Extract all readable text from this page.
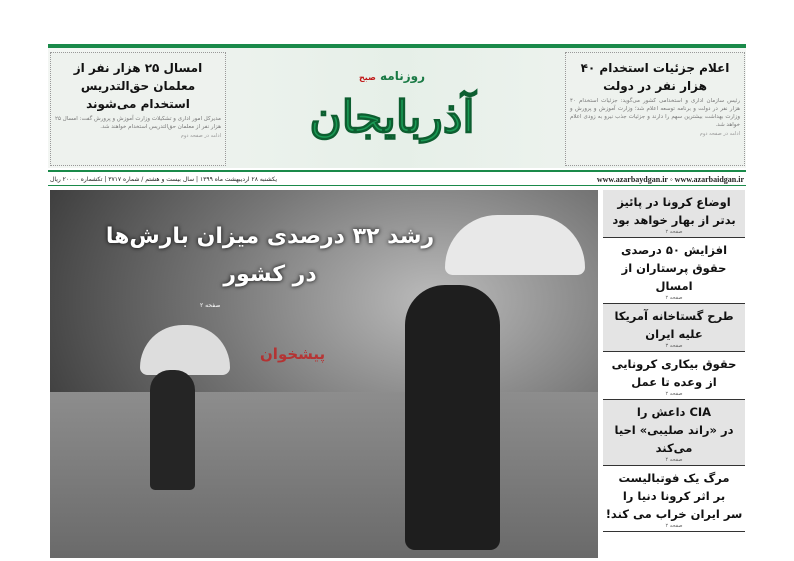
اعلام جزئیات استخدام ۴۰ هزار نفر در دولت

رئیس سازمان اداری و استخدامی کشور می‌گوید: جزئیات استخدام ۴۰ هزار نفر در دولت و برنامه توسعه اعلام شد؛ وزارت آموزش و پرورش و وزارت بهداشت بیشترین سهم را دارند و جزئیات جذب نیرو به زودی اعلام خواهد شد.

ادامه در صفحه دوم
روزنامه صبح
آذربایجان
امسال ۲۵ هزار نفر از معلمان حق‌التدریس استخدام می‌شوند

مدیرکل امور اداری و تشکیلات وزارت آموزش و پرورش گفت: امسال ۲۵ هزار نفر از معلمان حق‌التدریس استخدام خواهند شد.

ادامه در صفحه دوم
www.azarbaydgan.ir ◦ www.azarbaidgan.ir
یکشنبه ۲۸ اردیبهشت ماه ۱۳۹۹ | سال بیست و هشتم / شماره ۳۷۱۷ | تکشماره ۲۰۰۰۰ ریال
رشد ۳۲ درصدی میزان بارش‌ها
در کشور
صفحه ۲
پیشخوان
اوضاع کرونا در پائیز
بدتر از بهار خواهد بود
صفحه ۲
افزایش ۵۰ درصدی
حقوق پرستاران از امسال
صفحه ۲
طرح گستاخانه آمریکا
علیه ایران
صفحه ۳
حقوق بیکاری کرونایی
از وعده تا عمل
صفحه ۲
CIA داعش را
در «راند صلیبی» احیا می‌کند
صفحه ۴
مرگ یک فوتبالیست
بر اثر کرونا دنیا را
سر ایران خراب می کند!
صفحه ۲
